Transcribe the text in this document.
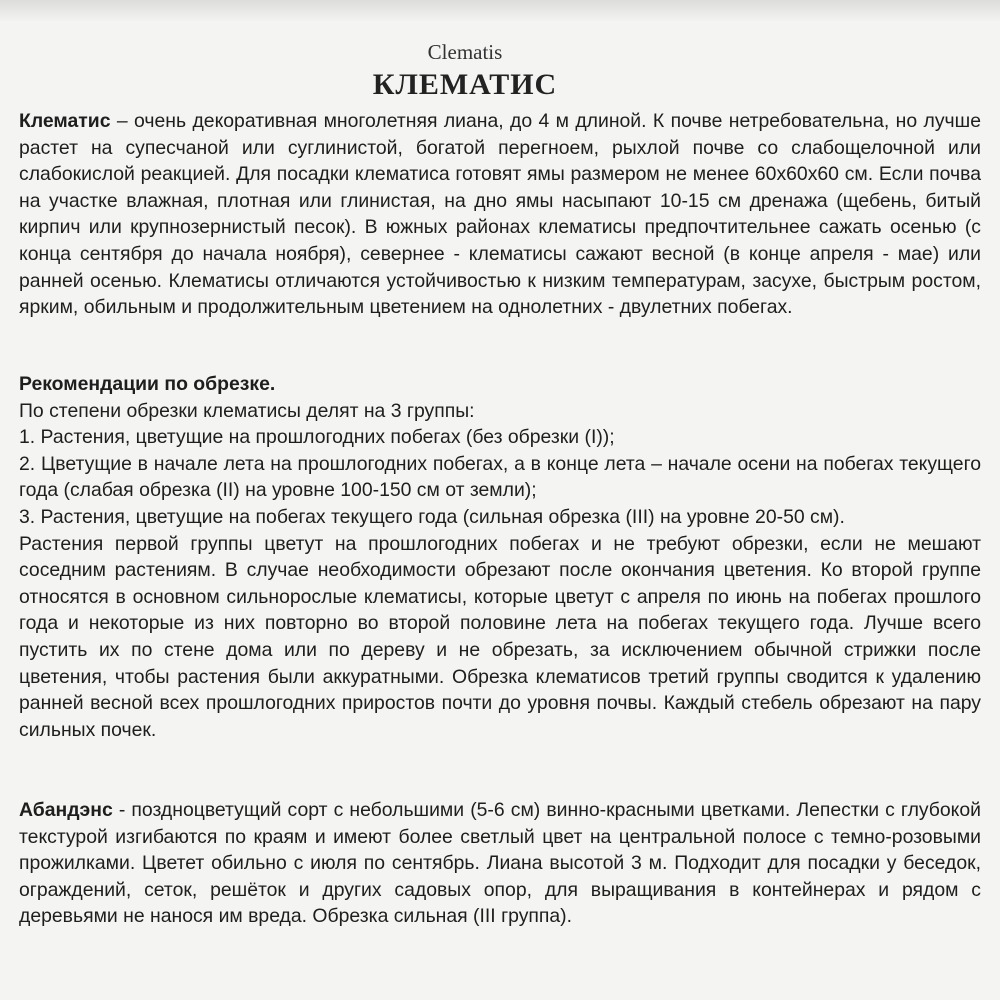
Clematis
КЛЕМАТИС

Клематис – очень декоративная многолетняя лиана, до 4 м длиной. К почве нетребовательна, но лучше растет на супесчаной или суглинистой, богатой перегноем, рыхлой почве со слабощелочной или слабокислой реакцией. Для посадки клематиса готовят ямы размером не менее 60х60х60 см. Если почва на участке влажная, плотная или глинистая, на дно ямы насыпают 10-15 см дренажа (щебень, битый кирпич или крупнозернистый песок). В южных районах клематисы предпочтительнее сажать осенью (с конца сентября до начала ноября), севернее - клематисы сажают весной (в конце апреля - мае) или ранней осенью. Клематисы отличаются устойчивостью к низким температурам, засухе, быстрым ростом, ярким, обильным и продолжительным цветением на однолетних - двулетних побегах.

Рекомендации по обрезке.

По степени обрезки клематисы делят на 3 группы:

1. Растения, цветущие на прошлогодних побегах (без обрезки (I));

2. Цветущие в начале лета на прошлогодних побегах, а в конце лета – начале осени на побегах текущего года (слабая обрезка (II) на уровне 100-150 см от земли);

3. Растения, цветущие на побегах текущего года (сильная обрезка (III) на уровне 20-50 см).

Растения первой группы цветут на прошлогодних побегах и не требуют обрезки, если не мешают соседним растениям. В случае необходимости обрезают после окончания цветения. Ко второй группе относятся в основном сильнорослые клематисы, которые цветут с апреля по июнь на побегах прошлого года и некоторые из них повторно во второй половине лета на побегах текущего года. Лучше всего пустить их по стене дома или по дереву и не обрезать, за исключением обычной стрижки после цветения, чтобы растения были аккуратными. Обрезка клематисов третий группы сводится к удалению ранней весной всех прошлогодних приростов почти до уровня почвы. Каждый стебель обрезают на пару сильных почек.

Абандэнс - поздноцветущий сорт с небольшими (5-6 см) винно-красными цветками. Лепестки с глубокой текстурой изгибаются по краям и имеют более светлый цвет на центральной полосе с темно-розовыми прожилками. Цветет обильно с июля по сентябрь. Лиана высотой 3 м. Подходит для посадки у беседок, ограждений, сеток, решёток и других садовых опор, для выращивания в контейнерах и рядом с деревьями не нанося им вреда. Обрезка сильная (III группа).
